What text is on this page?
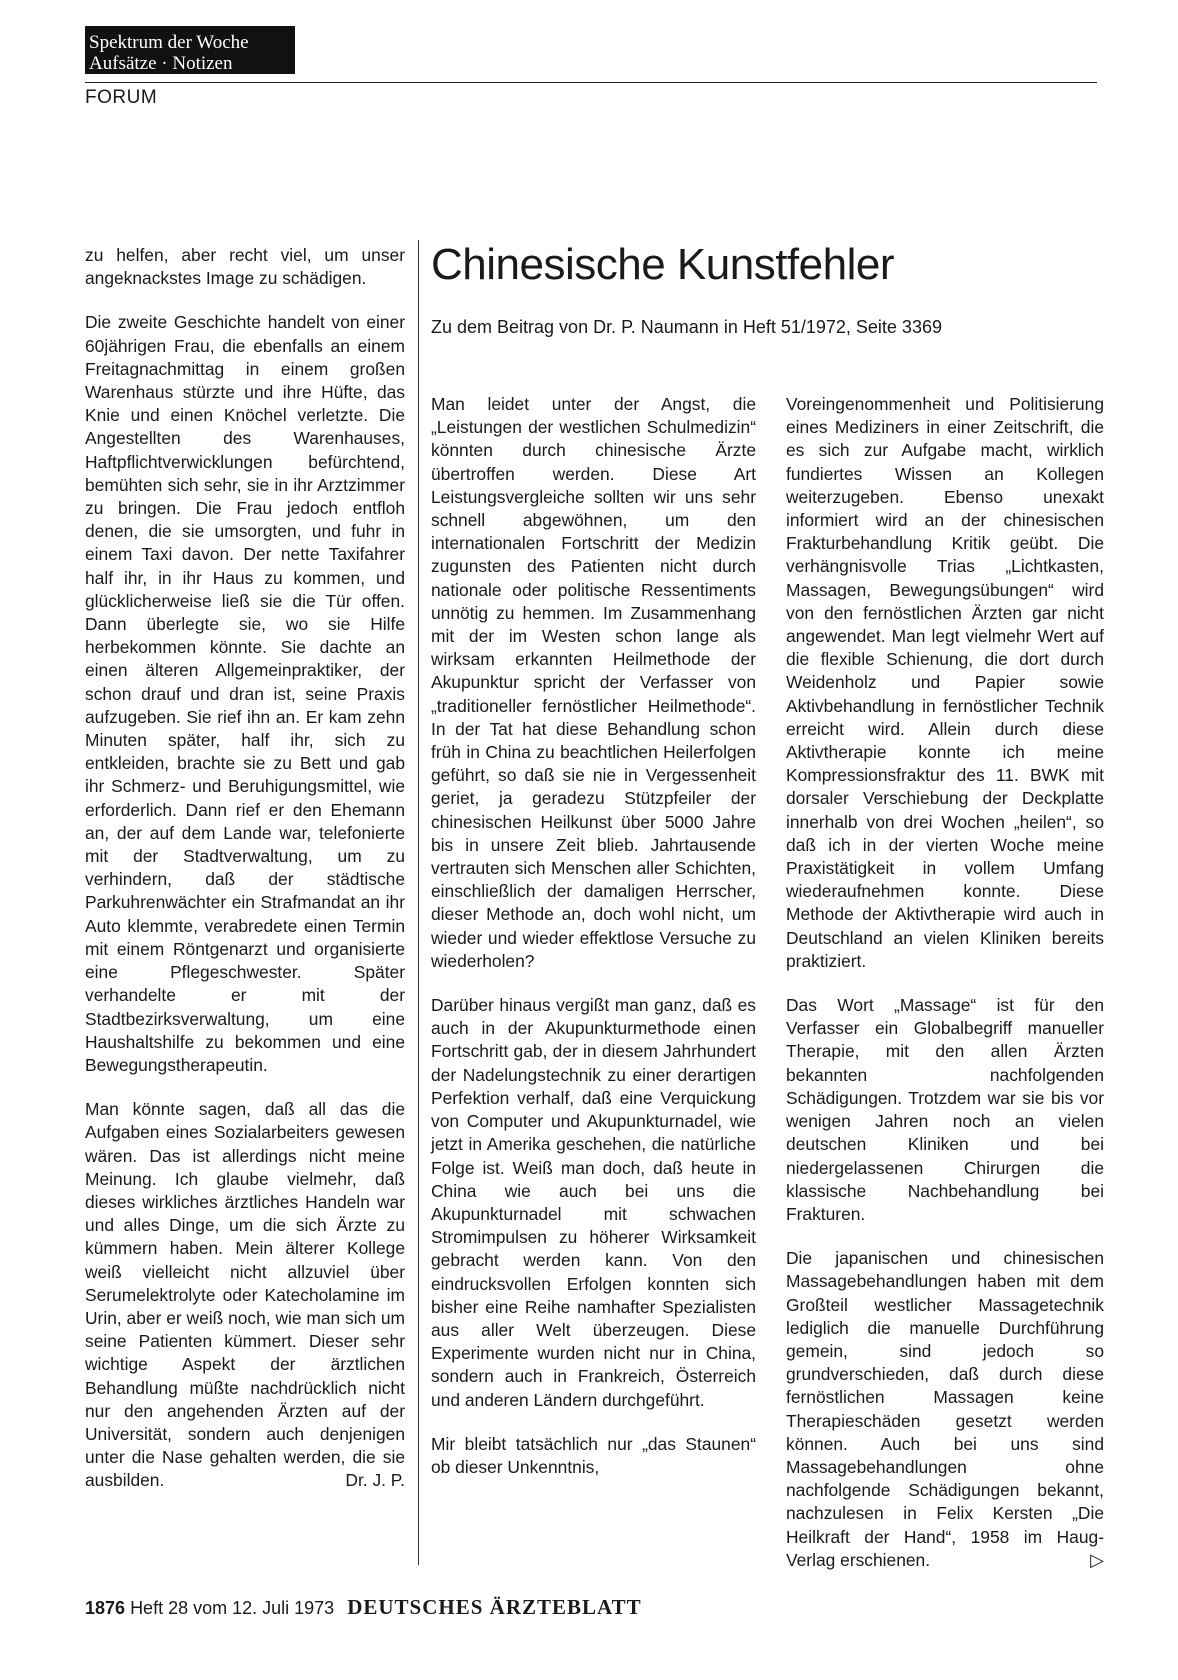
Spektrum der Woche
Aufsätze · Notizen
FORUM

zu helfen, aber recht viel, um unser angeknackstes Image zu schädigen.

Die zweite Geschichte handelt von einer 60jährigen Frau, die ebenfalls an einem Freitagnachmittag in einem großen Warenhaus stürzte und ihre Hüfte, das Knie und einen Knöchel verletzte. Die Angestellten des Warenhauses, Haftpflichtverwicklungen befürchtend, bemühten sich sehr, sie in ihr Arztzimmer zu bringen. Die Frau jedoch entfloh denen, die sie umsorgten, und fuhr in einem Taxi davon. Der nette Taxifahrer half ihr, in ihr Haus zu kommen, und glücklicherweise ließ sie die Tür offen. Dann überlegte sie, wo sie Hilfe herbekommen könnte. Sie dachte an einen älteren Allgemeinpraktiker, der schon drauf und dran ist, seine Praxis aufzugeben. Sie rief ihn an. Er kam zehn Minuten später, half ihr, sich zu entkleiden, brachte sie zu Bett und gab ihr Schmerz- und Beruhigungsmittel, wie erforderlich. Dann rief er den Ehemann an, der auf dem Lande war, telefonierte mit der Stadtverwaltung, um zu verhindern, daß der städtische Parkuhrenwächter ein Strafmandat an ihr Auto klemmte, verabredete einen Termin mit einem Röntgenarzt und organisierte eine Pflegeschwester. Später verhandelte er mit der Stadtbezirksverwaltung, um eine Haushaltshilfe zu bekommen und eine Bewegungstherapeutin.

Man könnte sagen, daß all das die Aufgaben eines Sozialarbeiters gewesen wären. Das ist allerdings nicht meine Meinung. Ich glaube vielmehr, daß dieses wirkliches ärztliches Handeln war und alles Dinge, um die sich Ärzte zu kümmern haben. Mein älterer Kollege weiß vielleicht nicht allzuviel über Serumelektrolyte oder Katecholamine im Urin, aber er weiß noch, wie man sich um seine Patienten kümmert. Dieser sehr wichtige Aspekt der ärztlichen Behandlung müßte nachdrücklich nicht nur den angehenden Ärzten auf der Universität, sondern auch denjenigen unter die Nase gehalten werden, die sie ausbilden.	Dr. J. P.

Chinesische Kunstfehler
Zu dem Beitrag von Dr. P. Naumann in Heft 51/1972, Seite 3369

Man leidet unter der Angst, die „Leistungen der westlichen Schulmedizin“ könnten durch chinesische Ärzte übertroffen werden. Diese Art Leistungsvergleiche sollten wir uns sehr schnell abgewöhnen, um den internationalen Fortschritt der Medizin zugunsten des Patienten nicht durch nationale oder politische Ressentiments unnötig zu hemmen. Im Zusammenhang mit der im Westen schon lange als wirksam erkannten Heilmethode der Akupunktur spricht der Verfasser von „traditioneller fernöstlicher Heilmethode“. In der Tat hat diese Behandlung schon früh in China zu beachtlichen Heilerfolgen geführt, so daß sie nie in Vergessenheit geriet, ja geradezu Stützpfeiler der chinesischen Heilkunst über 5000 Jahre bis in unsere Zeit blieb. Jahrtausende vertrauten sich Menschen aller Schichten, einschließlich der damaligen Herrscher, dieser Methode an, doch wohl nicht, um wieder und wieder effektlose Versuche zu wiederholen?

Darüber hinaus vergißt man ganz, daß es auch in der Akupunkturmethode einen Fortschritt gab, der in diesem Jahrhundert der Nadelungstechnik zu einer derartigen Perfektion verhalf, daß eine Verquickung von Computer und Akupunkturnadel, wie jetzt in Amerika geschehen, die natürliche Folge ist. Weiß man doch, daß heute in China wie auch bei uns die Akupunkturnadel mit schwachen Stromimpulsen zu höherer Wirksamkeit gebracht werden kann. Von den eindrucksvollen Erfolgen konnten sich bisher eine Reihe namhafter Spezialisten aus aller Welt überzeugen. Diese Experimente wurden nicht nur in China, sondern auch in Frankreich, Österreich und anderen Ländern durchgeführt.

Mir bleibt tatsächlich nur „das Staunen“ ob dieser Unkenntnis,

Voreingenommenheit und Politisierung eines Mediziners in einer Zeitschrift, die es sich zur Aufgabe macht, wirklich fundiertes Wissen an Kollegen weiterzugeben. Ebenso unexakt informiert wird an der chinesischen Frakturbehandlung Kritik geübt. Die verhängnisvolle Trias „Lichtkasten, Massagen, Bewegungsübungen“ wird von den fernöstlichen Ärzten gar nicht angewendet. Man legt vielmehr Wert auf die flexible Schienung, die dort durch Weidenholz und Papier sowie Aktivbehandlung in fernöstlicher Technik erreicht wird. Allein durch diese Aktivtherapie konnte ich meine Kompressionsfraktur des 11. BWK mit dorsaler Verschiebung der Deckplatte innerhalb von drei Wochen „heilen“, so daß ich in der vierten Woche meine Praxistätigkeit in vollem Umfang wiederaufnehmen konnte. Diese Methode der Aktivtherapie wird auch in Deutschland an vielen Kliniken bereits praktiziert.

Das Wort „Massage“ ist für den Verfasser ein Globalbegriff manueller Therapie, mit den allen Ärzten bekannten nachfolgenden Schädigungen. Trotzdem war sie bis vor wenigen Jahren noch an vielen deutschen Kliniken und bei niedergelassenen Chirurgen die klassische Nachbehandlung bei Frakturen.

Die japanischen und chinesischen Massagebehandlungen haben mit dem Großteil westlicher Massagetechnik lediglich die manuelle Durchführung gemein, sind jedoch so grundverschieden, daß durch diese fernöstlichen Massagen keine Therapieschäden gesetzt werden können. Auch bei uns sind Massagebehandlungen ohne nachfolgende Schädigungen bekannt, nachzulesen in Felix Kersten „Die Heilkraft der Hand“, 1958 im Haug-Verlag erschienen.	▷

1876 Heft 28 vom 12. Juli 1973 DEUTSCHES ÄRZTEBLATT
